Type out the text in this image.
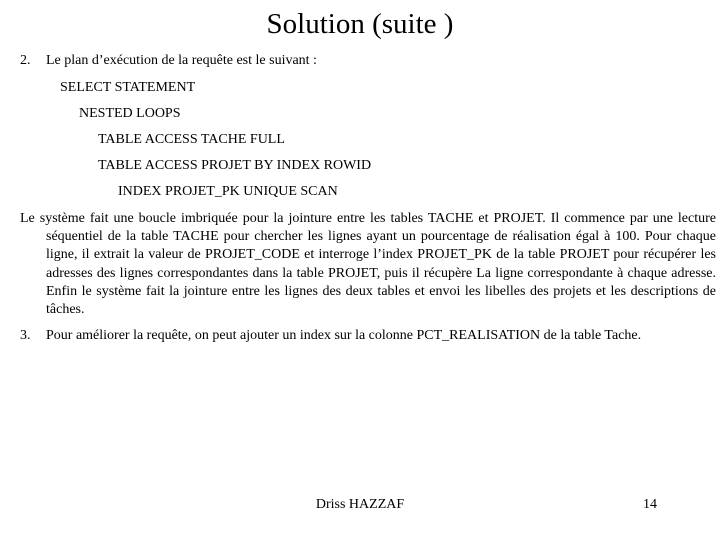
Solution (suite )
2. Le plan d’exécution de la requête est le suivant :
SELECT STATEMENT
NESTED LOOPS
TABLE ACCESS TACHE FULL
TABLE ACCESS PROJET BY INDEX ROWID
INDEX PROJET_PK UNIQUE SCAN
Le système fait une boucle imbriquée pour la jointure entre les tables TACHE et PROJET. Il commence par une lecture séquentiel de la table TACHE pour chercher les lignes ayant un pourcentage de réalisation égal à 100. Pour chaque ligne, il extrait la valeur de PROJET_CODE et interroge l’index PROJET_PK de la table PROJET pour récupérer les adresses des lignes correspondantes dans la table PROJET, puis il récupère La ligne correspondante à chaque adresse. Enfin le système fait la jointure entre les lignes des deux tables et envoi les libelles des projets et les descriptions de tâches.
3.	Pour améliorer la requête, on peut ajouter un index sur la colonne PCT_REALISATION de la table Tache.
Driss HAZZAF	14
